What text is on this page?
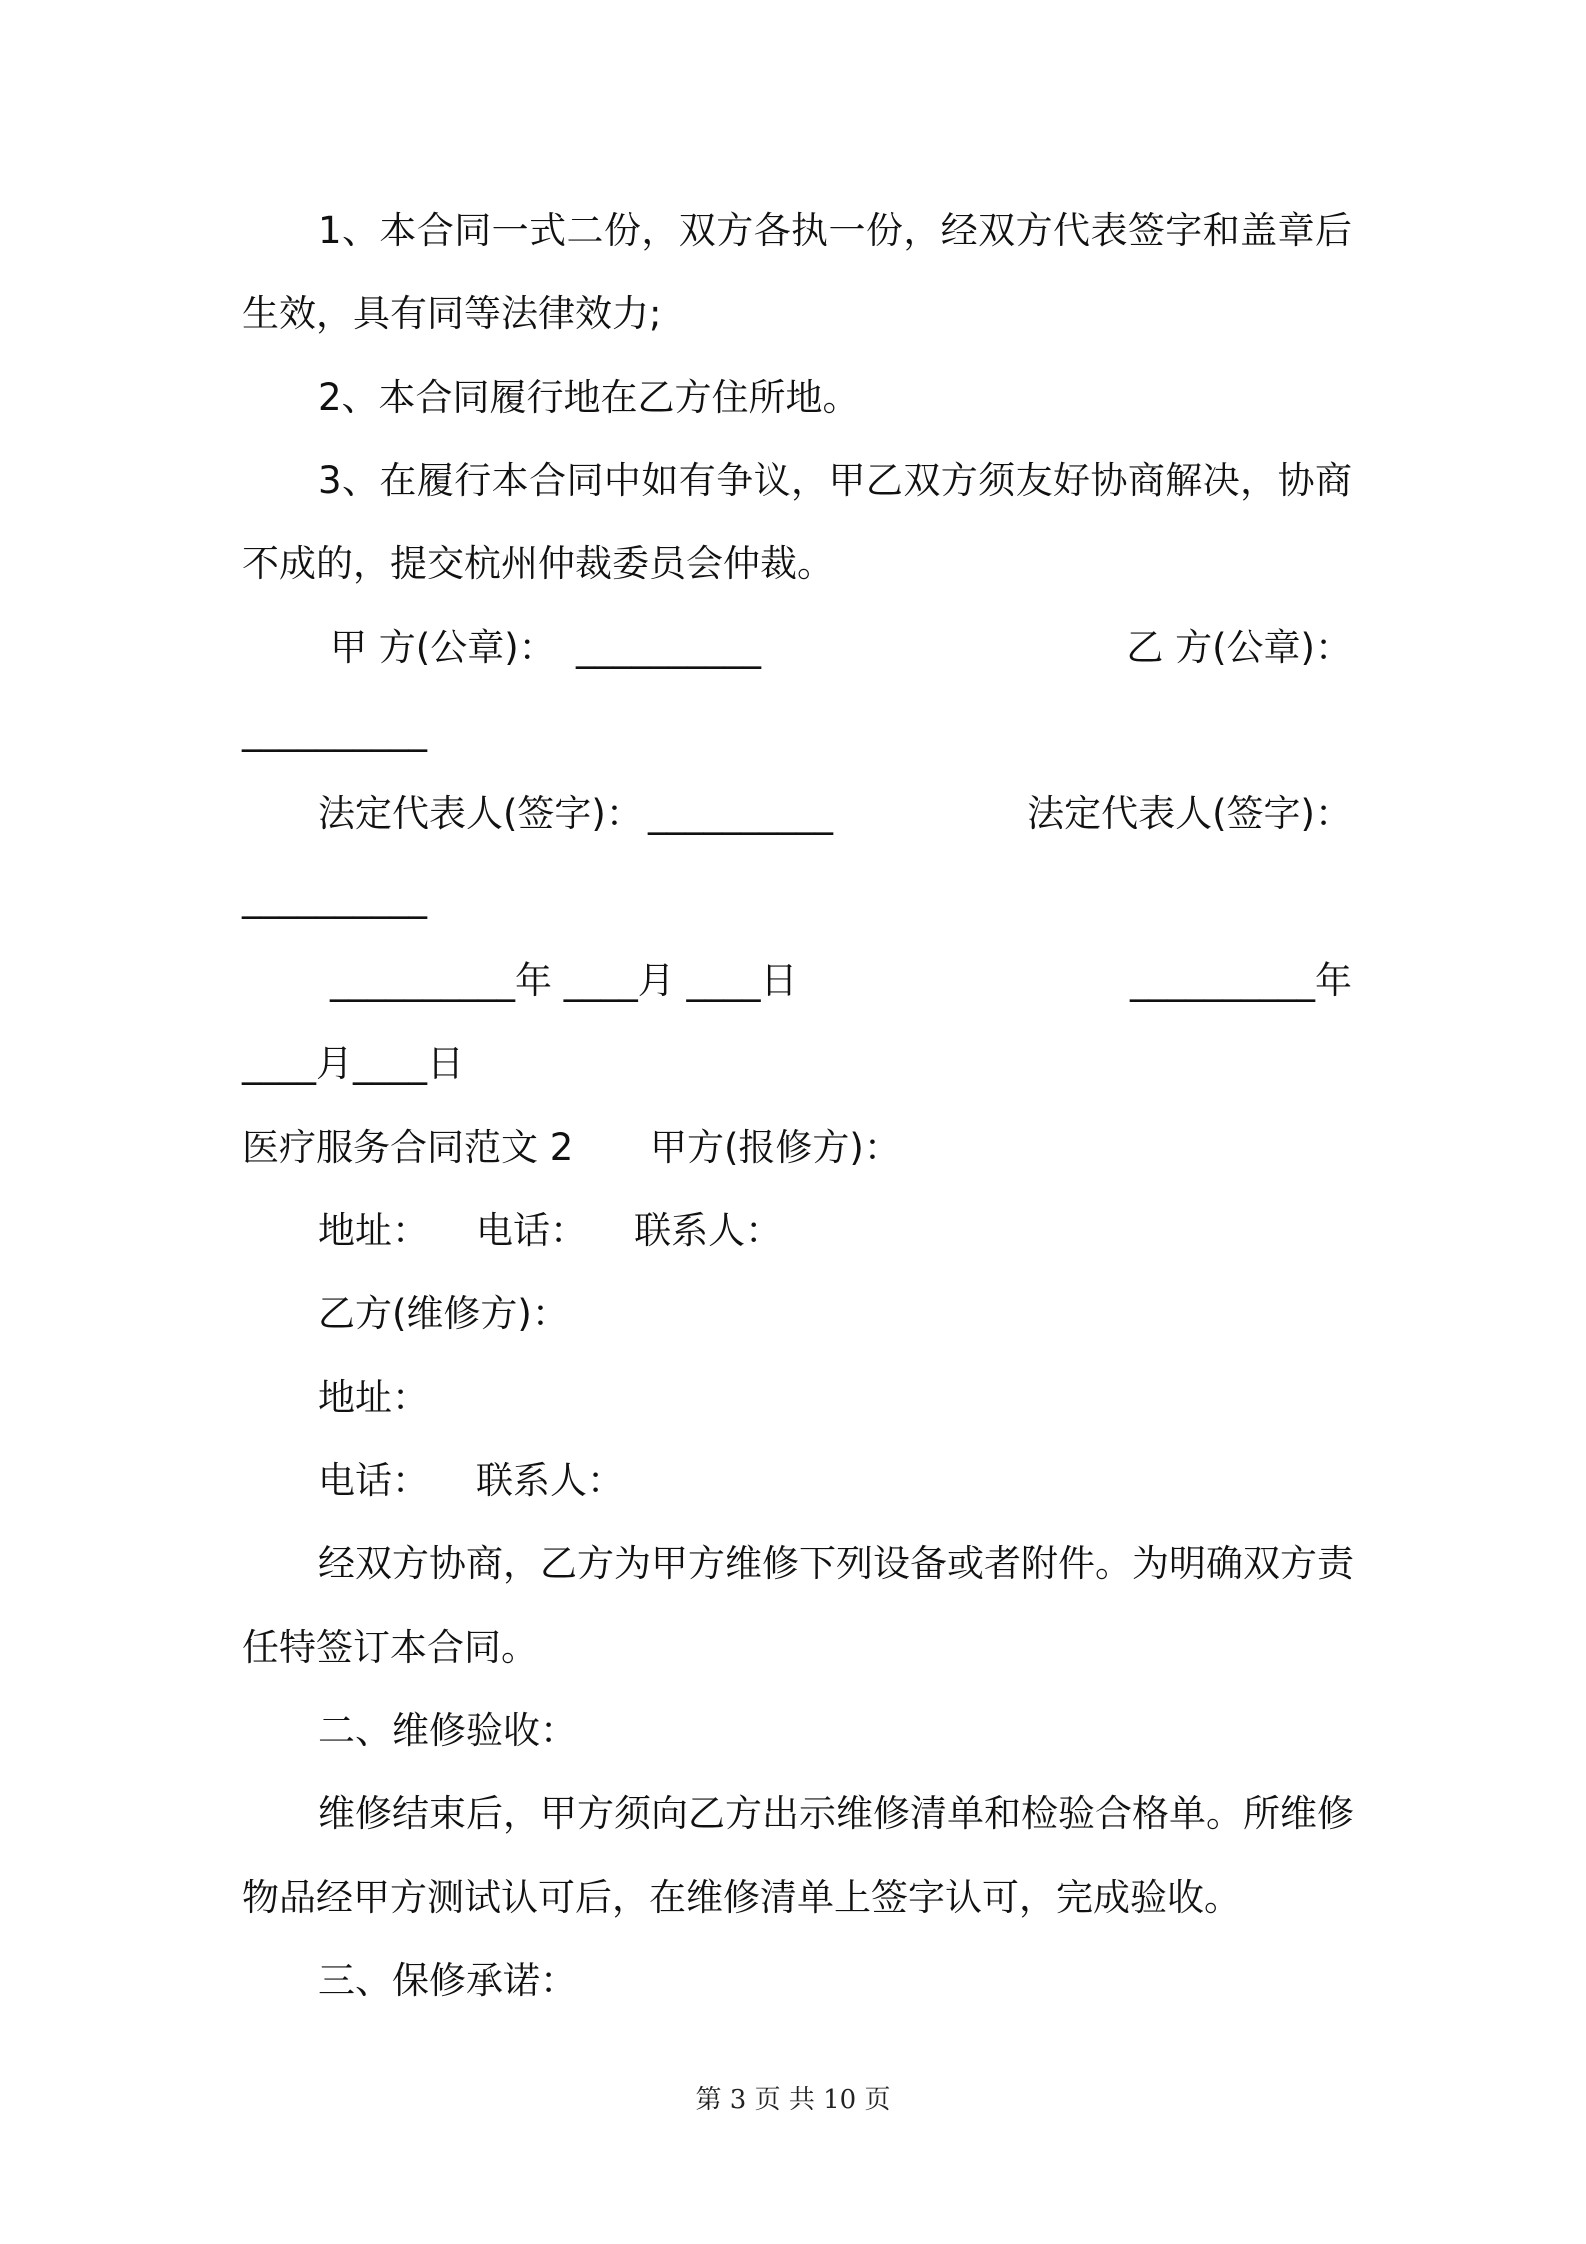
1、本合同一式二份，双方各执一份，经双方代表签字和盖章后
生效，具有同等法律效力;
2、本合同履行地在乙方住所地。
3、在履行本合同中如有争议，甲乙双方须友好协商解决，协商
不成的，提交杭州仲裁委员会仲裁。
甲 方(公章)： __________	乙 方(公章)：
__________
法定代表人(签字)： __________	法定代表人(签字)：
__________
__________年 ____月 ____日	__________年
____月____日
医疗服务合同范文 2 甲方(报修方)：
地址：    电话：    联系人：
乙方(维修方)：
地址：
电话：    联系人：
经双方协商，乙方为甲方维修下列设备或者附件。为明确双方责
任特签订本合同。
二、维修验收：
维修结束后，甲方须向乙方出示维修清单和检验合格单。所维修
物品经甲方测试认可后，在维修清单上签字认可，完成验收。
三、保修承诺：
第 3 页 共 10 页
